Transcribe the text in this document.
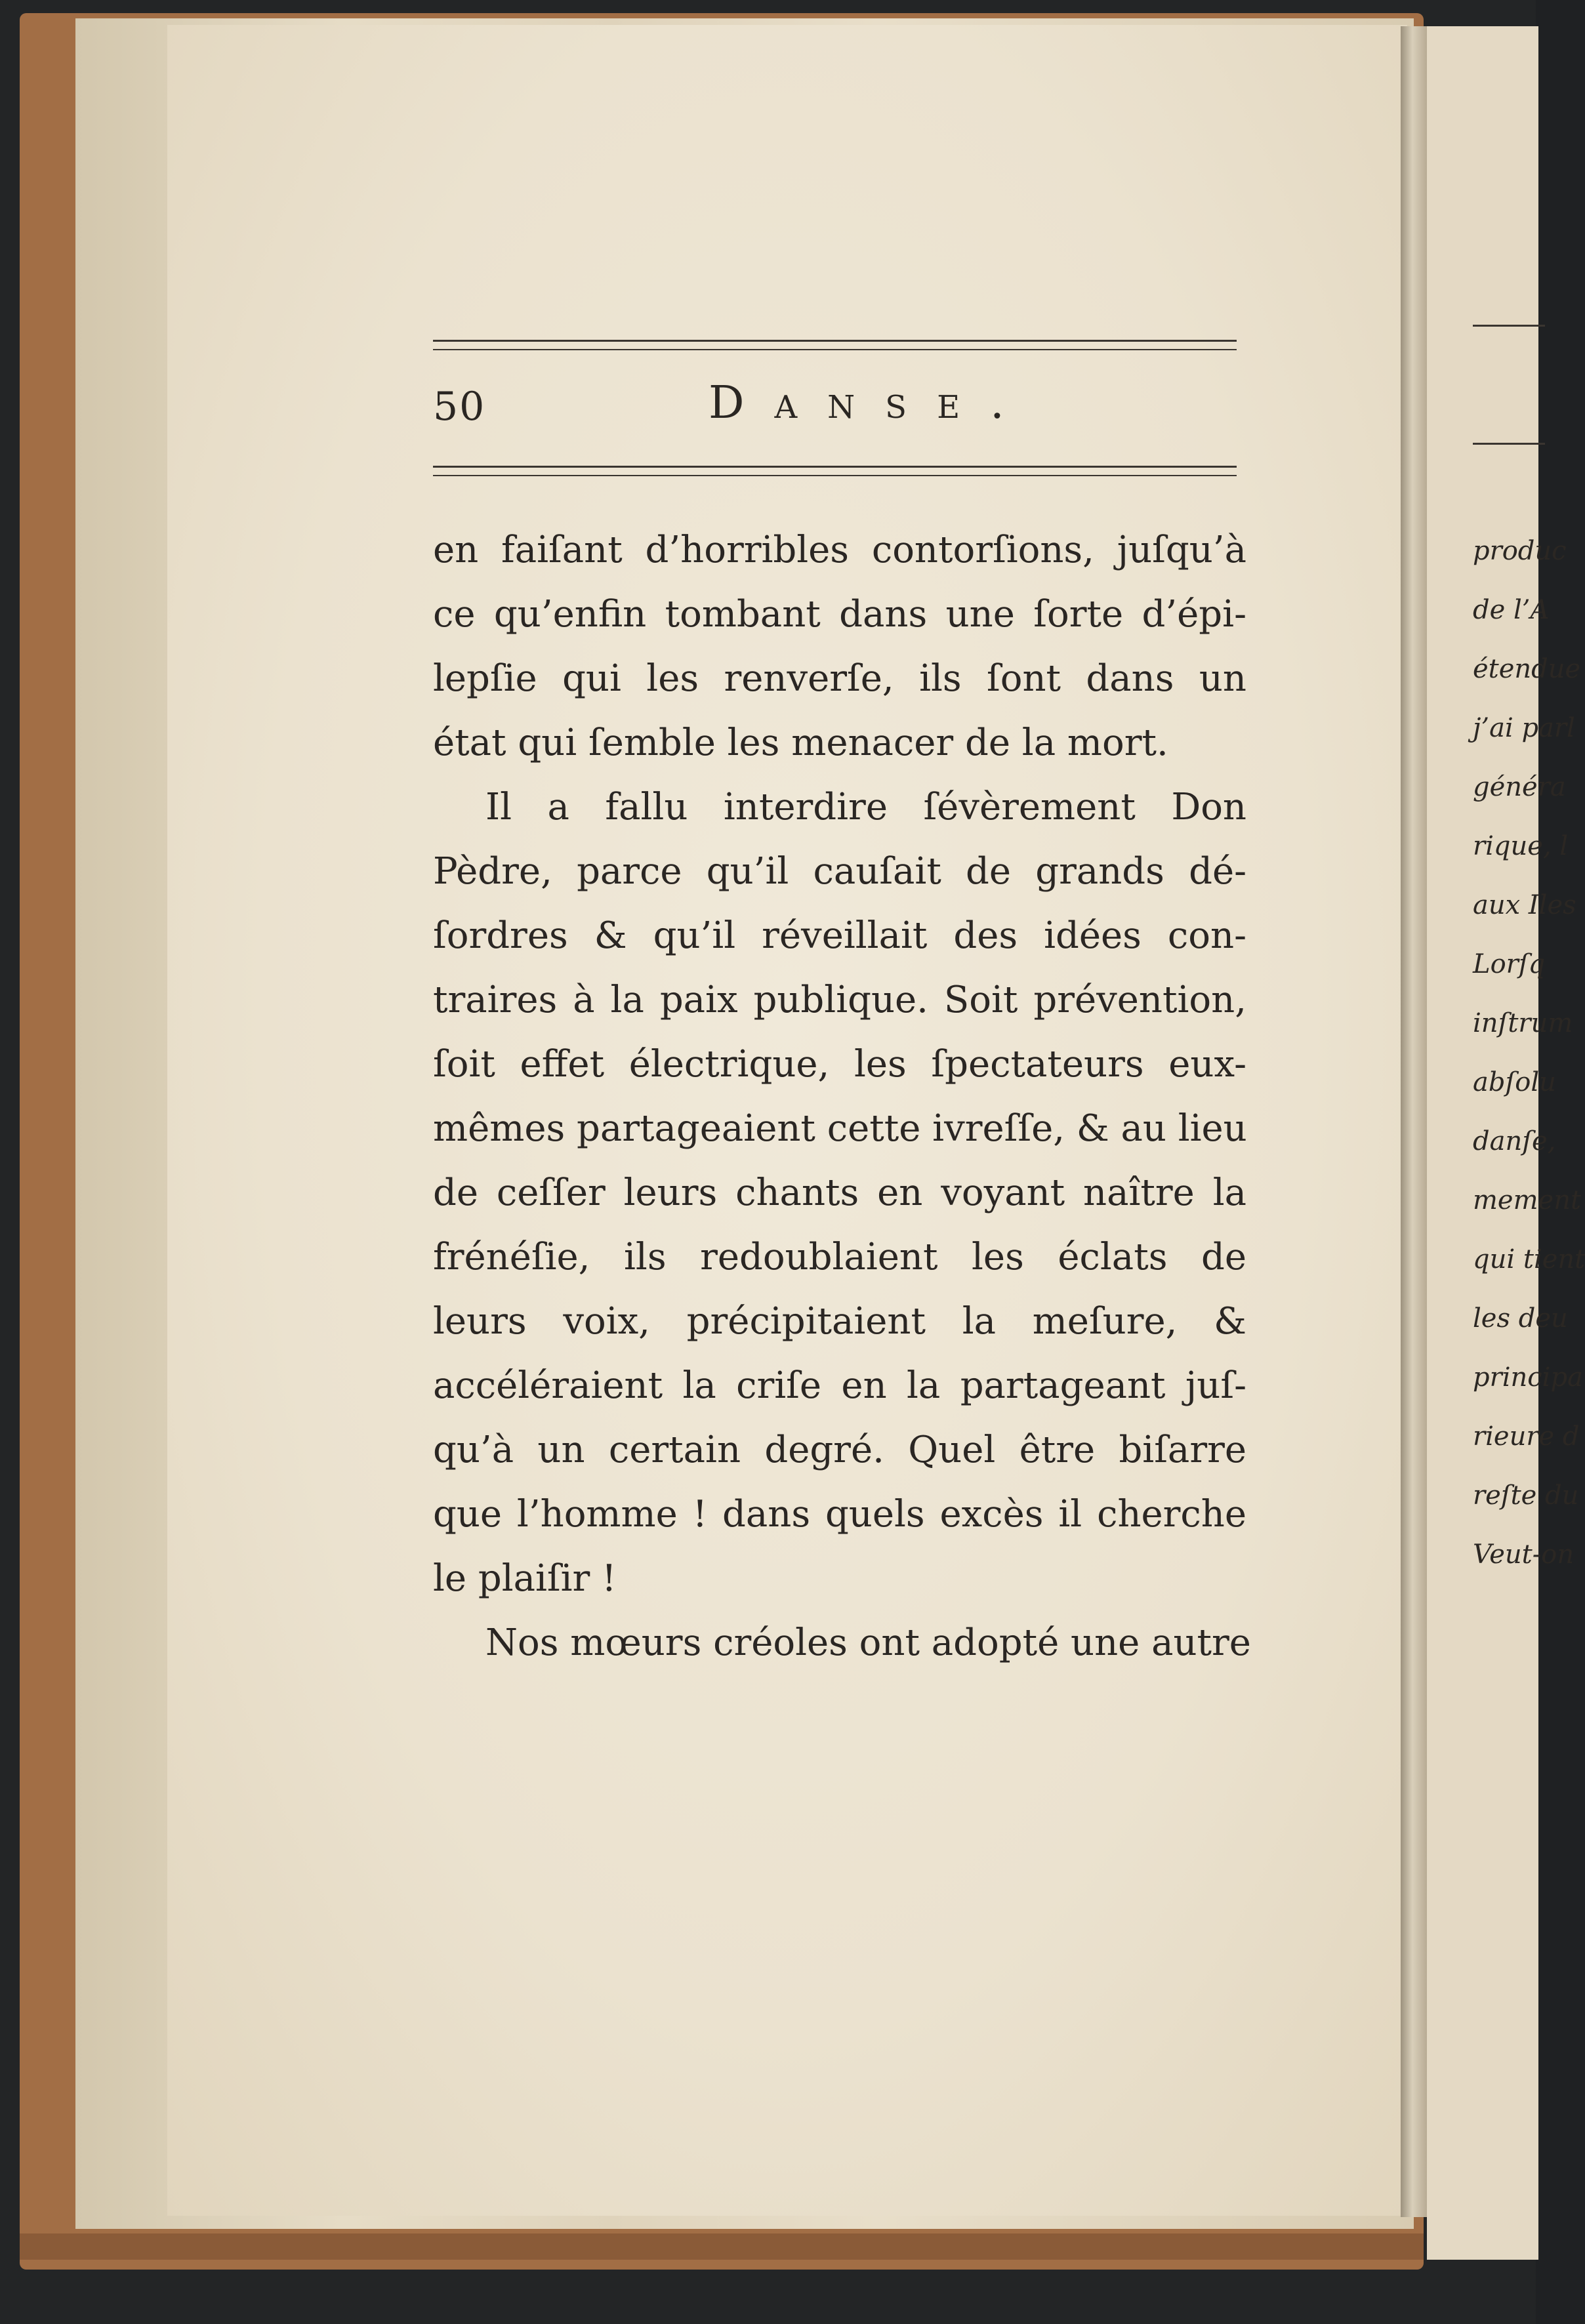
50	Danse.
en faiſant d’horribles contorſions, juſqu’à
ce qu’enfin tombant dans une ſorte d’épi-
lepſie qui les renverſe, ils ſont dans un
état qui ſemble les menacer de la mort.
Il a fallu interdire ſévèrement Don
Pèdre, parce qu’il cauſait de grands dé-
ſordres & qu’il réveillait des idées con-
traires à la paix publique. Soit prévention,
ſoit effet électrique, les ſpectateurs eux-
mêmes partageaient cette ivreſſe, & au lieu
de ceſſer leurs chants en voyant naître la
frénéſie, ils redoublaient les éclats de
leurs voix, précipitaient la meſure, &
accéléraient la criſe en la partageant juſ-
qu’à un certain degré. Quel être biſarre
que l’homme ! dans quels excès il cherche
le plaiſir !
Nos mœurs créoles ont adopté une autre
produc
de l’A
étendue
j’ai parl
généra
rique, l
aux Iles
Lorſq
inſtrum
abſolu
danſe,
mement
qui tient
les deu
principa
rieure d
reſte du
Veut-on
